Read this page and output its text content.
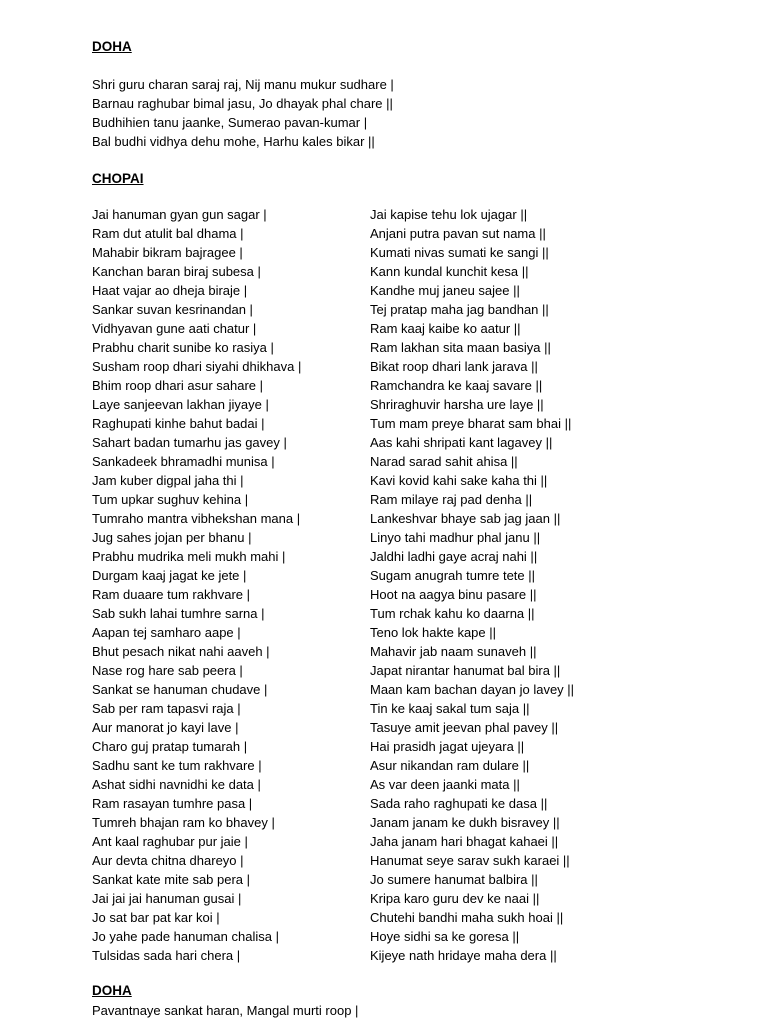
DOHA
Shri guru charan saraj raj, Nij manu mukur sudhare |
Barnau raghubar bimal jasu, Jo dhayak phal chare ||
Budhihien tanu jaanke, Sumerao pavan-kumar |
Bal budhi vidhya dehu mohe, Harhu kales bikar ||
CHOPAI
Jai hanuman gyan gun sagar |	Jai kapise tehu lok ujagar ||
Ram dut atulit bal dhama |	Anjani putra pavan sut nama ||
Mahabir bikram bajragee |	Kumati nivas sumati ke sangi ||
Kanchan baran biraj subesa |	Kann kundal kunchit kesa ||
Haat vajar ao dheja biraje |	Kandhe muj janeu sajee ||
Sankar suvan kesrinandan |	Tej pratap maha jag bandhan ||
Vidhyavan gune aati chatur |	Ram kaaj kaibe ko aatur ||
Prabhu charit sunibe ko rasiya |	Ram lakhan sita maan basiya ||
Susham roop dhari siyahi dhikhava |	Bikat roop dhari lank jarava ||
Bhim roop dhari asur sahare |	Ramchandra ke kaaj savare ||
Laye sanjeevan lakhan jiyaye |	Shriraghuvir harsha ure laye ||
Raghupati kinhe bahut badai |	Tum mam preye bharat sam bhai ||
Sahart badan tumarhu jas gavey |	Aas kahi shripati kant lagavey ||
Sankadeek bhramadhi munisa |	Narad sarad sahit ahisa ||
Jam kuber digpal jaha thi |	Kavi kovid kahi sake kaha thi ||
Tum upkar sughuv kehina |	Ram milaye raj pad denha ||
Tumraho mantra vibhekshan mana |	Lankeshvar bhaye sab jag jaan ||
Jug sahes jojan per bhanu |	Linyo tahi madhur phal janu ||
Prabhu mudrika meli mukh mahi |	Jaldhi ladhi gaye acraj nahi ||
Durgam kaaj jagat ke jete |	Sugam anugrah tumre tete ||
Ram duaare tum rakhvare |	Hoot na aagya binu pasare ||
Sab sukh lahai tumhre sarna |	Tum rchak kahu ko daarna ||
Aapan tej samharo aape |	Teno lok hakte kape ||
Bhut pesach nikat nahi aaveh |	Mahavir jab naam sunaveh ||
Nase rog hare sab peera |	Japat nirantar hanumat bal bira ||
Sankat se hanuman chudave |	Maan kam bachan dayan jo lavey ||
Sab per ram tapasvi raja |	Tin ke kaaj sakal tum saja ||
Aur manorat jo kayi lave |	Tasuye amit jeevan phal pavey ||
Charo guj pratap tumarah |	Hai prasidh jagat ujeyara ||
Sadhu sant ke tum rakhvare |	Asur nikandan ram dulare ||
Ashat sidhi navnidhi ke data |	As var deen jaanki mata ||
Ram rasayan tumhre pasa |	Sada raho raghupati ke dasa ||
Tumreh bhajan ram ko bhavey |	Janam janam ke dukh bisravey ||
Ant kaal raghubar pur jaie |	Jaha janam hari bhagat kahaei ||
Aur devta chitna dhareyo |	Hanumat seye sarav sukh karaei ||
Sankat kate mite sab pera |	Jo sumere hanumat balbira ||
Jai jai jai hanuman gusai |	Kripa karo guru dev ke naai ||
Jo sat bar pat kar koi |	Chutehi bandhi maha sukh hoai ||
Jo yahe pade hanuman chalisa |	Hoye sidhi sa ke goresa ||
Tulsidas sada hari chera |	Kijeye nath hridaye maha dera ||
DOHA
Pavantnaye sankat haran, Mangal murti roop |
